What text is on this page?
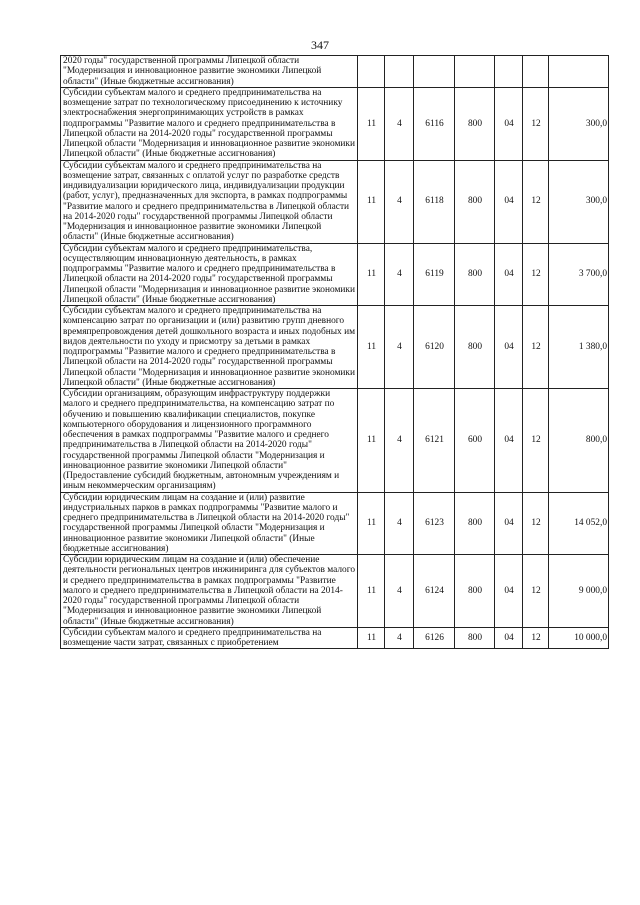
347
2020 годы" государственной программы Липецкой области "Модернизация и инновационное развитие экономики Липецкой области" (Иные бюджетные ассигнования)							
Субсидии субъектам малого и среднего предпринимательства на возмещение затрат по технологическому присоединению к источнику электроснабжения энергопринимающих устройств в рамках подпрограммы "Развитие малого и среднего предпринимательства в Липецкой области на 2014-2020 годы" государственной программы Липецкой области "Модернизация и инновационное развитие экономики Липецкой области" (Иные бюджетные ассигнования)	11	4	6116	800	04	12	300,0
Субсидии субъектам малого и среднего предпринимательства на возмещение затрат, связанных с оплатой услуг по разработке средств индивидуализации юридического лица, индивидуализации продукции (работ, услуг), предназначенных для экспорта, в рамках подпрограммы "Развитие малого и среднего предпринимательства в Липецкой области на 2014-2020 годы" государственной программы Липецкой области "Модернизация и инновационное развитие экономики Липецкой области" (Иные бюджетные ассигнования)	11	4	6118	800	04	12	300,0
Субсидии субъектам малого и среднего предпринимательства, осуществляющим инновационную деятельность, в рамках подпрограммы "Развитие малого и среднего предпринимательства в Липецкой области на 2014-2020 годы" государственной программы Липецкой области "Модернизация и инновационное развитие экономики Липецкой области" (Иные бюджетные ассигнования)	11	4	6119	800	04	12	3 700,0
Субсидии субъектам малого и среднего предпринимательства на компенсацию затрат по организации и (или) развитию групп дневного времяпрепровождения детей дошкольного возраста и иных подобных им видов деятельности по уходу и присмотру за детьми в рамках подпрограммы "Развитие малого и среднего предпринимательства в Липецкой области на 2014-2020 годы" государственной программы Липецкой области "Модернизация и инновационное развитие экономики Липецкой области" (Иные бюджетные ассигнования)	11	4	6120	800	04	12	1 380,0
Субсидии организациям, образующим инфраструктуру поддержки малого и среднего предпринимательства, на компенсацию затрат по обучению и повышению квалификации специалистов, покупке компьютерного оборудования и лицензионного программного обеспечения в рамках подпрограммы "Развитие малого и среднего предпринимательства в Липецкой области на 2014-2020 годы" государственной программы Липецкой области "Модернизация и инновационное развитие экономики Липецкой области" (Предоставление субсидий бюджетным, автономным учреждениям и иным некоммерческим организациям)	11	4	6121	600	04	12	800,0
Субсидии юридическим лицам на создание и (или) развитие индустриальных парков в рамках подпрограммы "Развитие малого и среднего предпринимательства в Липецкой области на 2014-2020 годы" государственной программы Липецкой области "Модернизация и инновационное развитие экономики Липецкой области" (Иные бюджетные ассигнования)	11	4	6123	800	04	12	14 052,0
Субсидии юридическим лицам на создание и (или) обеспечение деятельности региональных центров инжиниринга для субъектов малого и среднего предпринимательства в рамках подпрограммы "Развитие малого и среднего предпринимательства в Липецкой области на 2014-2020 годы" государственной программы Липецкой области "Модернизация и инновационное развитие экономики Липецкой области" (Иные бюджетные ассигнования)	11	4	6124	800	04	12	9 000,0
Субсидии субъектам малого и среднего предпринимательства на возмещение части затрат, связанных с приобретением	11	4	6126	800	04	12	10 000,0
